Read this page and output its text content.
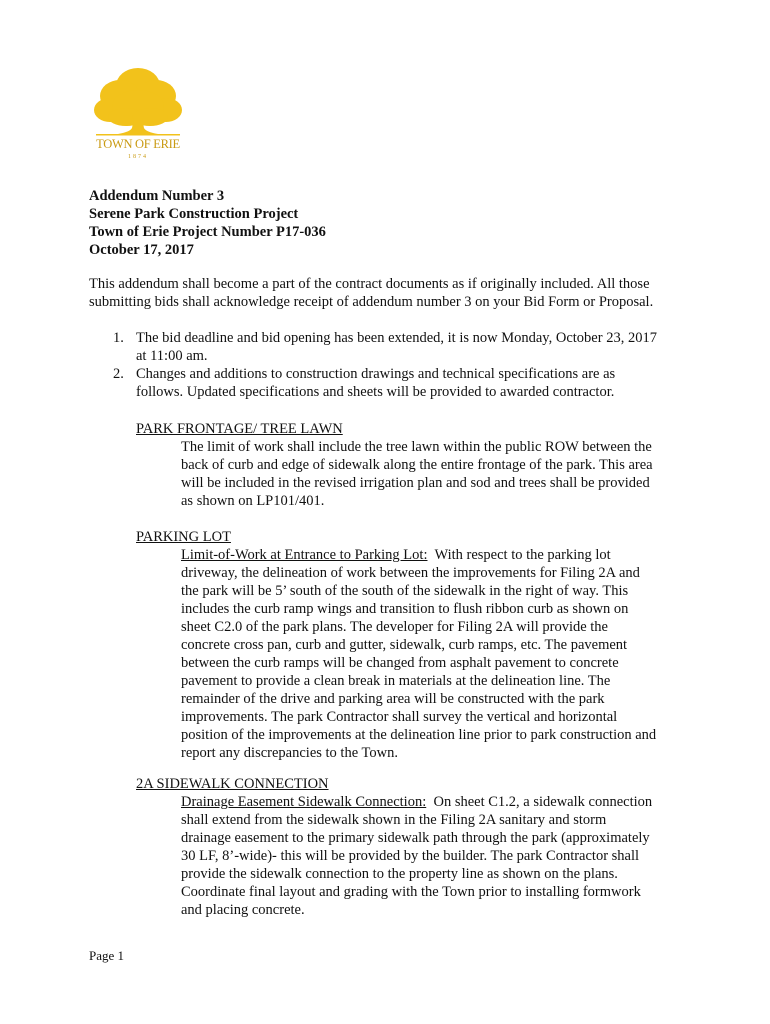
TOWN OF ERIE
1874
Addendum Number 3
Serene Park Construction Project
Town of Erie Project Number P17-036
October 17, 2017
This addendum shall become a part of the contract documents as if originally included. All those
submitting bids shall acknowledge receipt of addendum number 3 on your Bid Form or Proposal.
1. The bid deadline and bid opening has been extended, it is now Monday, October 23, 2017
at 11:00 am.
2. Changes and additions to construction drawings and technical specifications are as
follows. Updated specifications and sheets will be provided to awarded contractor.
PARK FRONTAGE/ TREE LAWN
The limit of work shall include the tree lawn within the public ROW between the
back of curb and edge of sidewalk along the entire frontage of the park. This area
will be included in the revised irrigation plan and sod and trees shall be provided
as shown on LP101/401.
PARKING LOT
Limit-of-Work at Entrance to Parking Lot:  With respect to the parking lot
driveway, the delineation of work between the improvements for Filing 2A and
the park will be 5’ south of the south of the sidewalk in the right of way. This
includes the curb ramp wings and transition to flush ribbon curb as shown on
sheet C2.0 of the park plans. The developer for Filing 2A will provide the
concrete cross pan, curb and gutter, sidewalk, curb ramps, etc. The pavement
between the curb ramps will be changed from asphalt pavement to concrete
pavement to provide a clean break in materials at the delineation line. The
remainder of the drive and parking area will be constructed with the park
improvements. The park Contractor shall survey the vertical and horizontal
position of the improvements at the delineation line prior to park construction and
report any discrepancies to the Town.
2A SIDEWALK CONNECTION
Drainage Easement Sidewalk Connection:  On sheet C1.2, a sidewalk connection
shall extend from the sidewalk shown in the Filing 2A sanitary and storm
drainage easement to the primary sidewalk path through the park (approximately
30 LF, 8’-wide)- this will be provided by the builder. The park Contractor shall
provide the sidewalk connection to the property line as shown on the plans.
Coordinate final layout and grading with the Town prior to installing formwork
and placing concrete.
Page 1
